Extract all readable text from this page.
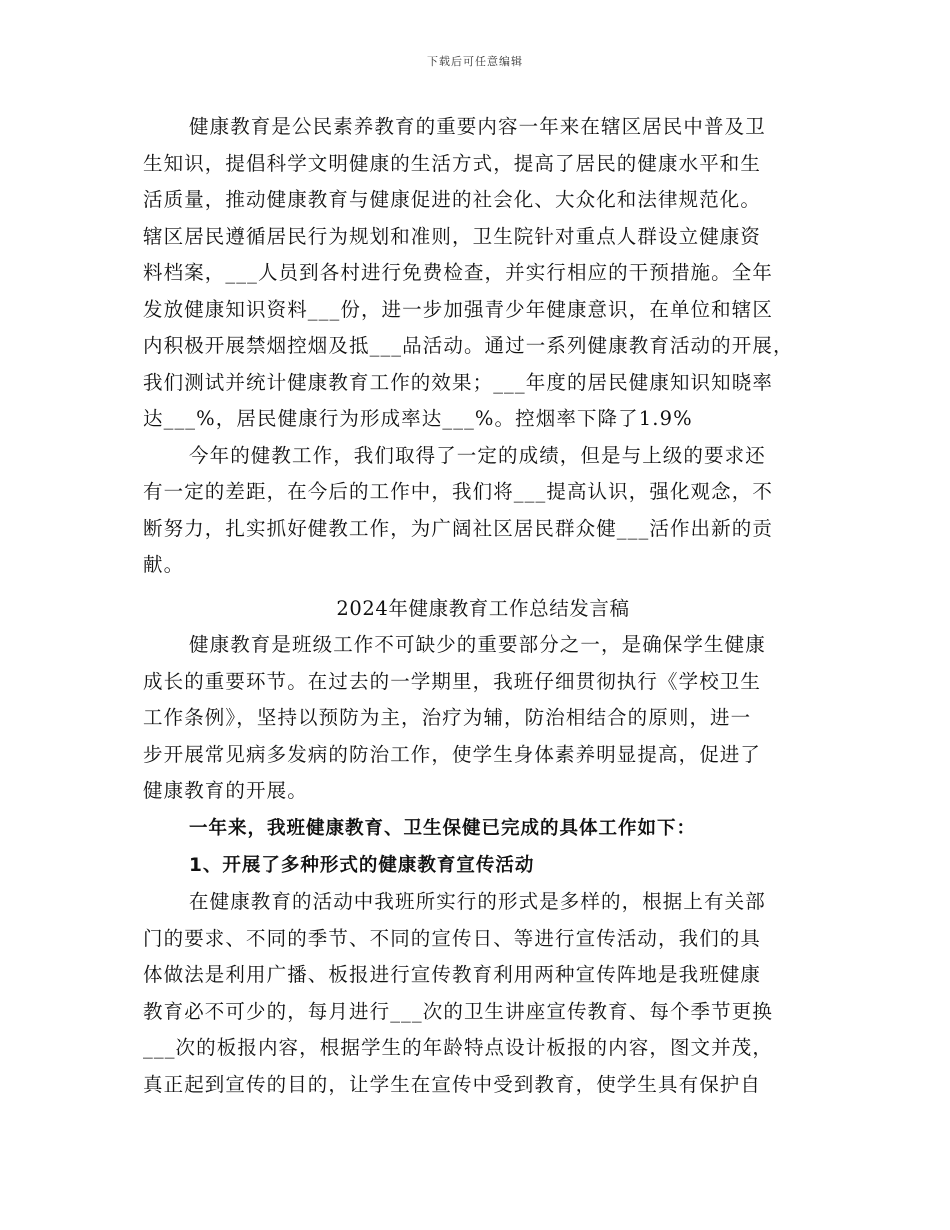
下载后可任意编辑
健康教育是公民素养教育的重要内容一年来在辖区居民中普及卫
生知识，提倡科学文明健康的生活方式，提高了居民的健康水平和生
活质量，推动健康教育与健康促进的社会化、大众化和法律规范化。
辖区居民遵循居民行为规划和准则，卫生院针对重点人群设立健康资
料档案，___人员到各村进行免费检查，并实行相应的干预措施。全年
发放健康知识资料___份，进一步加强青少年健康意识，在单位和辖区
内积极开展禁烟控烟及抵___品活动。通过一系列健康教育活动的开展，
我们测试并统计健康教育工作的效果；___年度的居民健康知识知晓率
达___%，居民健康行为形成率达___%。控烟率下降了1.9%
今年的健教工作，我们取得了一定的成绩，但是与上级的要求还
有一定的差距，在今后的工作中，我们将___提高认识，强化观念，不
断努力，扎实抓好健教工作，为广阔社区居民群众健___活作出新的贡
献。
2024年健康教育工作总结发言稿
健康教育是班级工作不可缺少的重要部分之一，是确保学生健康
成长的重要环节。在过去的一学期里，我班仔细贯彻执行《学校卫生
工作条例》，坚持以预防为主，治疗为辅，防治相结合的原则，进一
步开展常见病多发病的防治工作，使学生身体素养明显提高，促进了
健康教育的开展。
一年来，我班健康教育、卫生保健已完成的具体工作如下：
1、开展了多种形式的健康教育宣传活动
在健康教育的活动中我班所实行的形式是多样的，根据上有关部
门的要求、不同的季节、不同的宣传日、等进行宣传活动，我们的具
体做法是利用广播、板报进行宣传教育利用两种宣传阵地是我班健康
教育必不可少的，每月进行___次的卫生讲座宣传教育、每个季节更换
___次的板报内容，根据学生的年龄特点设计板报的内容，图文并茂，
真正起到宣传的目的，让学生在宣传中受到教育，使学生具有保护自
